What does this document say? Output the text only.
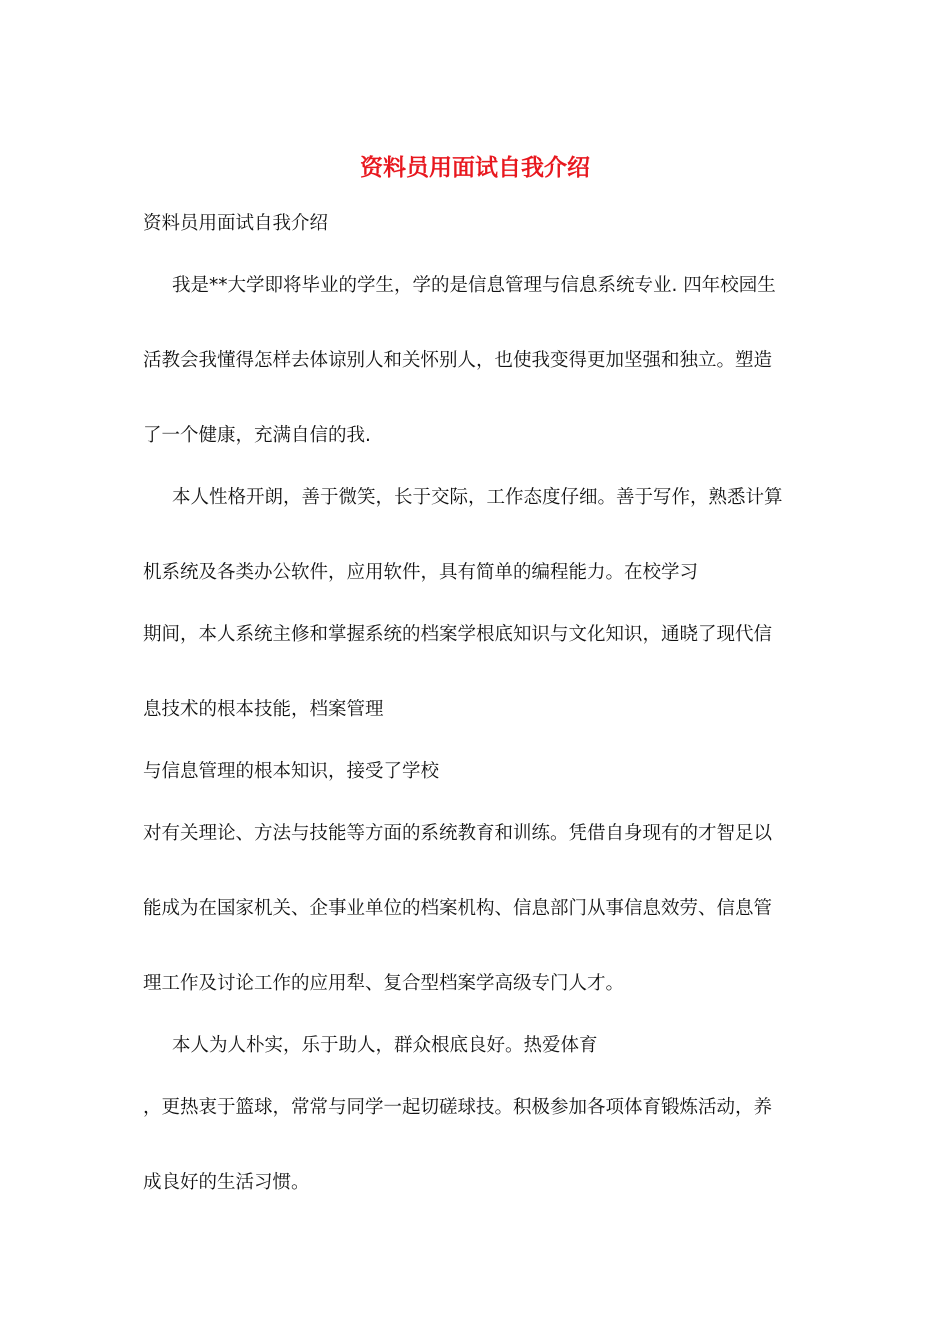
资料员用面试自我介绍
资料员用面试自我介绍
我是**大学即将毕业的学生，学的是信息管理与信息系统专业. 四年校园生
活教会我懂得怎样去体谅别人和关怀别人，也使我变得更加坚强和独立。塑造
了一个健康，充满自信的我.
本人性格开朗，善于微笑，长于交际，工作态度仔细。善于写作，熟悉计算
机系统及各类办公软件，应用软件，具有简单的编程能力。在校学习
期间，本人系统主修和掌握系统的档案学根底知识与文化知识，通晓了现代信
息技术的根本技能，档案管理
与信息管理的根本知识，接受了学校
对有关理论、方法与技能等方面的系统教育和训练。凭借自身现有的才智足以
能成为在国家机关、企事业单位的档案机构、信息部门从事信息效劳、信息管
理工作及讨论工作的应用犁、复合型档案学高级专门人才。
本人为人朴实，乐于助人，群众根底良好。热爱体育
，更热衷于篮球，常常与同学一起切磋球技。积极参加各项体育锻炼活动，养
成良好的生活习惯。
